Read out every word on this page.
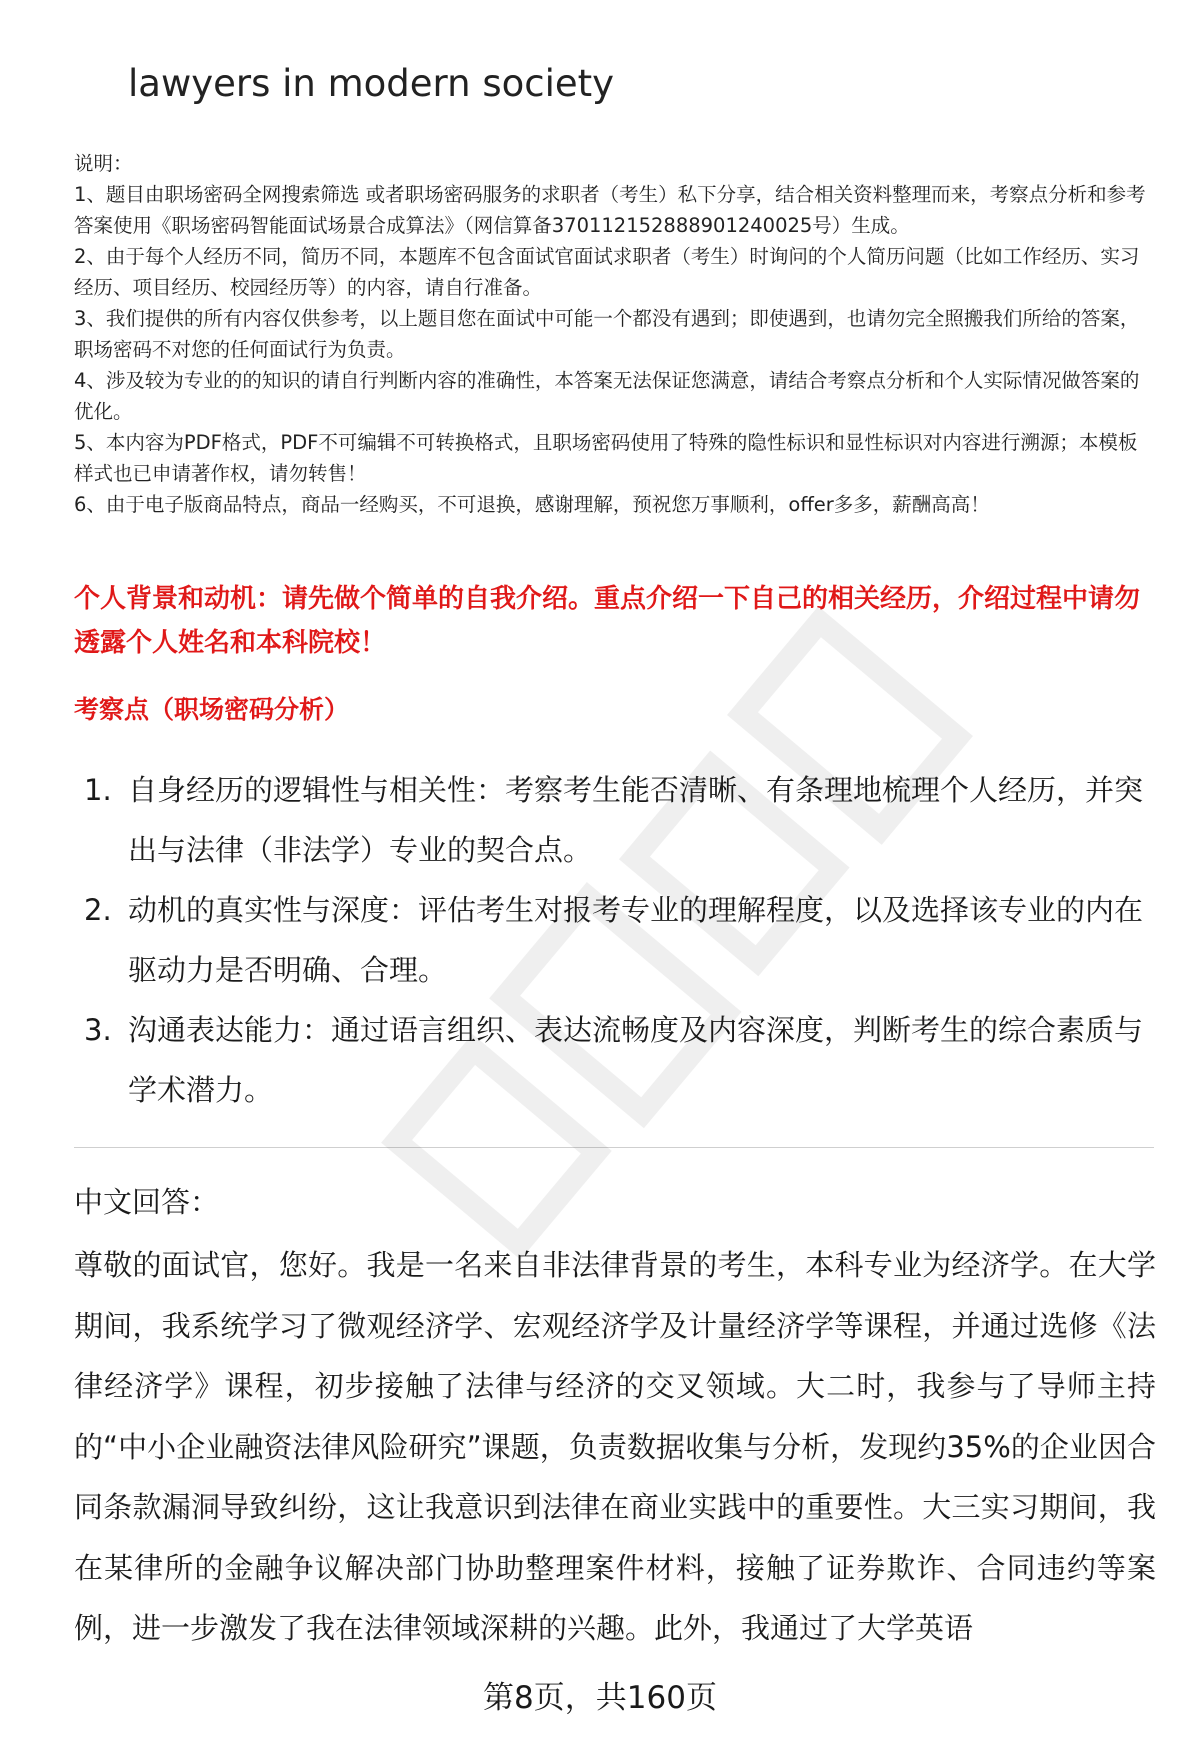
lawyers in modern society

说明：

1、题目由职场密码全网搜索筛选 或者职场密码服务的求职者（考生）私下分享，结合相关资料整理而来，考察点分析和参考答案使用《职场密码智能面试场景合成算法》（网信算备370112152888901240025号）生成。

2、由于每个人经历不同，简历不同，本题库不包含面试官面试求职者（考生）时询问的个人简历问题（比如工作经历、实习经历、项目经历、校园经历等）的内容，请自行准备。

3、我们提供的所有内容仅供参考，以上题目您在面试中可能一个都没有遇到；即使遇到，也请勿完全照搬我们所给的答案，职场密码不对您的任何面试行为负责。

4、涉及较为专业的的知识的请自行判断内容的准确性，本答案无法保证您满意，请结合考察点分析和个人实际情况做答案的优化。

5、本内容为PDF格式，PDF不可编辑不可转换格式，且职场密码使用了特殊的隐性标识和显性标识对内容进行溯源；本模板样式也已申请著作权，请勿转售！

6、由于电子版商品特点，商品一经购买，不可退换，感谢理解，预祝您万事顺利，offer多多，薪酬高高！

个人背景和动机：请先做个简单的自我介绍。重点介绍一下自己的相关经历，介绍过程中请勿透露个人姓名和本科院校！
考察点（职场密码分析）
1. 自身经历的逻辑性与相关性：考察考生能否清晰、有条理地梳理个人经历，并突出与法律（非法学）专业的契合点。
2. 动机的真实性与深度：评估考生对报考专业的理解程度，以及选择该专业的内在驱动力是否明确、合理。
3. 沟通表达能力：通过语言组织、表达流畅度及内容深度，判断考生的综合素质与学术潜力。
中文回答：
尊敬的面试官，您好。我是一名来自非法律背景的考生，本科专业为经济学。在大学期间，我系统学习了微观经济学、宏观经济学及计量经济学等课程，并通过选修《法律经济学》课程，初步接触了法律与经济的交叉领域。大二时，我参与了导师主持的“中小企业融资法律风险研究”课题，负责数据收集与分析，发现约35%的企业因合同条款漏洞导致纠纷，这让我意识到法律在商业实践中的重要性。大三实习期间，我在某律所的金融争议解决部门协助整理案件材料，接触了证券欺诈、合同违约等案例，进一步激发了我在法律领域深耕的兴趣。此外，我通过了大学英语
第8页，共160页
